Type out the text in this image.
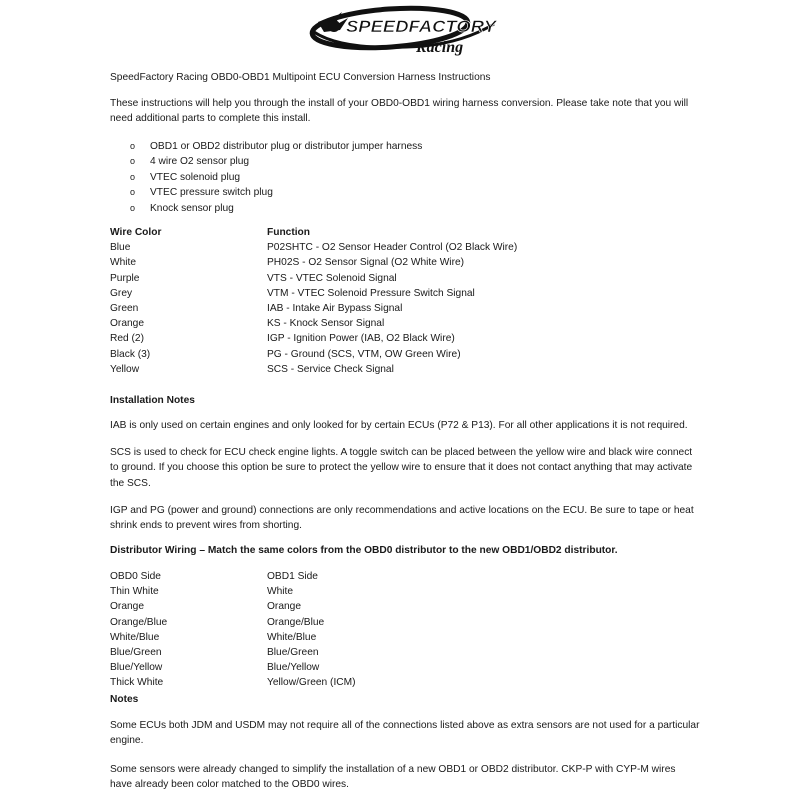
SPEEDFACTORY
Racing
SpeedFactory Racing OBD0-OBD1 Multipoint ECU Conversion Harness Instructions
These instructions will help you through the install of your OBD0-OBD1 wiring harness conversion. Please take note that you will need additional parts to complete this install.
o OBD1 or OBD2 distributor plug or distributor jumper harness
o 4 wire O2 sensor plug
o VTEC solenoid plug
o VTEC pressure switch plug
o Knock sensor plug
Wire Color	Function
Blue	P02SHTC - O2 Sensor Header Control (O2 Black Wire)
White	PH02S - O2 Sensor Signal (O2 White Wire)
Purple	VTS - VTEC Solenoid Signal
Grey	VTM - VTEC Solenoid Pressure Switch Signal
Green	IAB - Intake Air Bypass Signal
Orange	KS - Knock Sensor Signal
Red (2)	IGP - Ignition Power (IAB, O2 Black Wire)
Black (3)	PG - Ground (SCS, VTM, OW Green Wire)
Yellow	SCS - Service Check Signal
Installation Notes
IAB is only used on certain engines and only looked for by certain ECUs (P72 & P13). For all other applications it is not required.
SCS is used to check for ECU check engine lights. A toggle switch can be placed between the yellow wire and black wire connect to ground. If you choose this option be sure to protect the yellow wire to ensure that it does not contact anything that may activate the SCS.
IGP and PG (power and ground) connections are only recommendations and active locations on the ECU. Be sure to tape or heat shrink ends to prevent wires from shorting.
Distributor Wiring – Match the same colors from the OBD0 distributor to the new OBD1/OBD2 distributor.
OBD0 Side	OBD1 Side
Thin White	White
Orange	Orange
Orange/Blue	Orange/Blue
White/Blue	White/Blue
Blue/Green	Blue/Green
Blue/Yellow	Blue/Yellow
Thick White	Yellow/Green (ICM)
Notes
Some ECUs both JDM and USDM may not require all of the connections listed above as extra sensors are not used for a particular engine.
Some sensors were already changed to simplify the installation of a new OBD1 or OBD2 distributor. CKP-P with CYP-M wires have already been color matched to the OBD0 wires.
